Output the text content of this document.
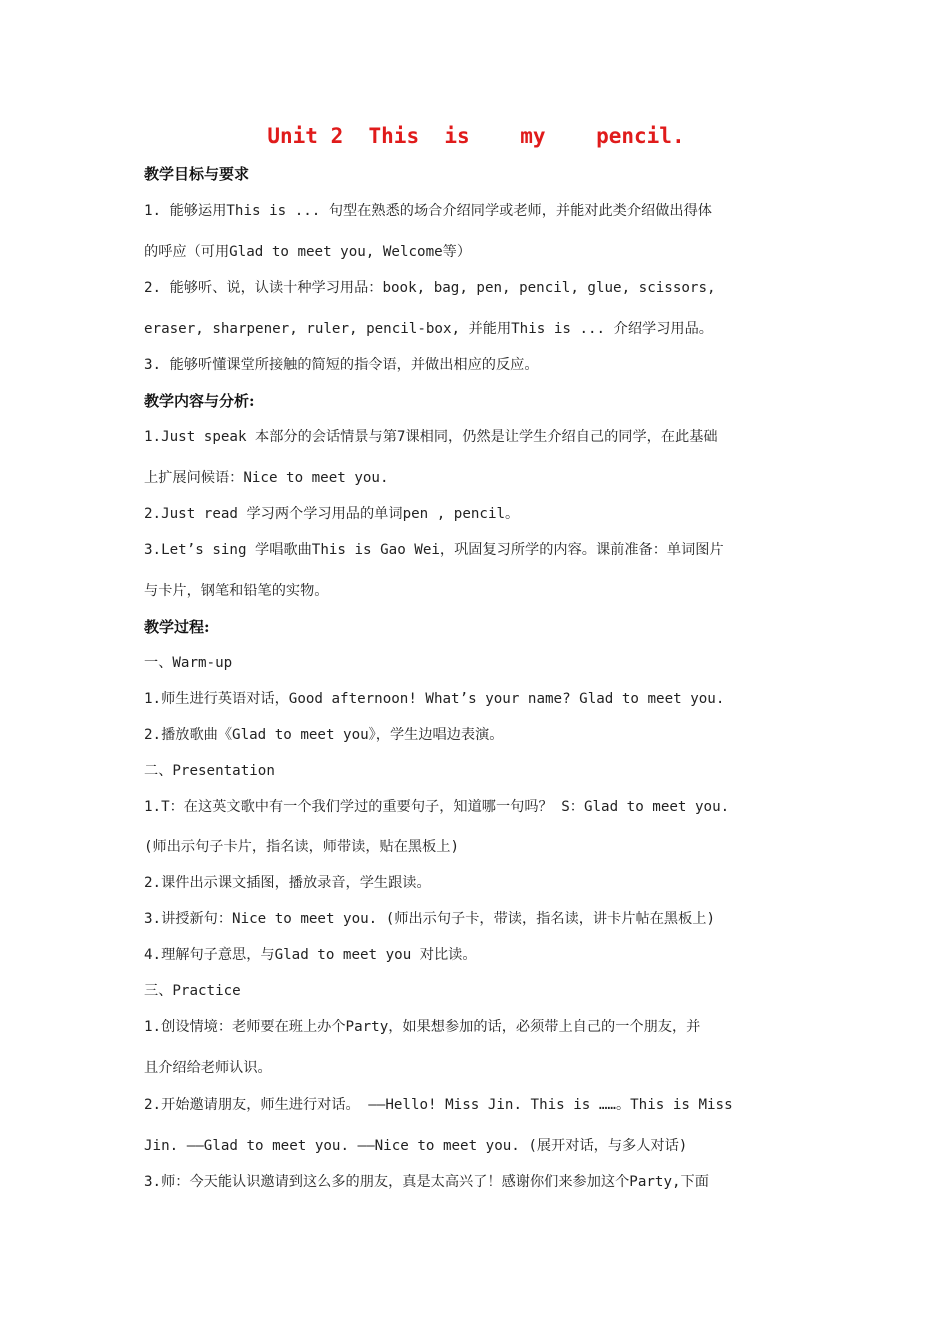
Unit 2  This  is    my    pencil.
教学目标与要求
1. 能够运用This is ... 句型在熟悉的场合介绍同学或老师，并能对此类介绍做出得体
的呼应（可用Glad to meet you, Welcome等）
2. 能够听、说，认读十种学习用品：book, bag, pen, pencil, glue, scissors,
eraser, sharpener, ruler, pencil-box, 并能用This is ... 介绍学习用品。
3. 能够听懂课堂所接触的简短的指令语，并做出相应的反应。
教学内容与分析:
1.Just speak 本部分的会话情景与第7课相同，仍然是让学生介绍自己的同学，在此基础
上扩展问候语：Nice to meet you.
2.Just read 学习两个学习用品的单词pen , pencil。
3.Let’s sing 学唱歌曲This is Gao Wei，巩固复习所学的内容。课前准备：单词图片
与卡片，钢笔和铅笔的实物。
教学过程:
一、Warm-up
1.师生进行英语对话，Good afternoon! What’s your name? Glad to meet you.
2.播放歌曲《Glad to meet you》，学生边唱边表演。
二、Presentation
1.T：在这英文歌中有一个我们学过的重要句子，知道哪一句吗？ S：Glad to meet you.
(师出示句子卡片，指名读，师带读，贴在黑板上)
2.课件出示课文插图，播放录音，学生跟读。
3.讲授新句：Nice to meet you. (师出示句子卡，带读，指名读，讲卡片帖在黑板上)
4.理解句子意思，与Glad to meet you 对比读。
三、Practice
1.创设情境：老师要在班上办个Party，如果想参加的话，必须带上自己的一个朋友，并
且介绍给老师认识。
2.开始邀请朋友，师生进行对话。 ——Hello! Miss Jin. This is ……。This is Miss
Jin. ——Glad to meet you. ——Nice to meet you. (展开对话，与多人对话)
3.师：今天能认识邀请到这么多的朋友，真是太高兴了！感谢你们来参加这个Party,下面
